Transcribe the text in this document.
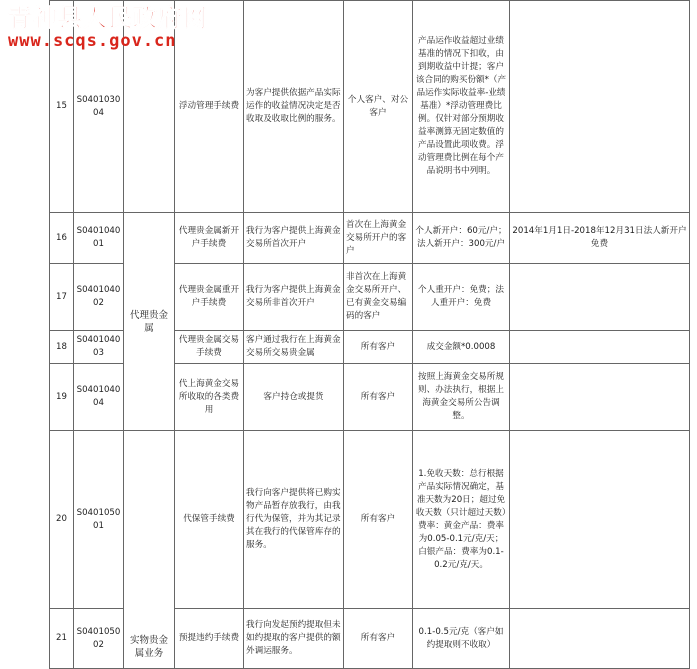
青神县人民政府网
www.scqs.gov.cn
15	S040103004		浮动管理手续费	为客户提供依据产品实际运作的收益情况决定是否收取及收取比例的服务。	个人客户、对公客户	产品运作收益超过业绩基准的情况下扣收，由到期收益中计提；客户该合同的购买份额*（产品运作实际收益率-业绩基准）*浮动管理费比例。仅针对部分预期收益率测算无固定数值的产品设置此项收费。浮动管理费比例在每个产品说明书中列明。	
16	S040104001	代理贵金属	代理贵金属新开户手续费	我行为客户提供上海黄金交易所首次开户	首次在上海黄金交易所开户的客户	个人新开户：60元/户；法人新开户：300元/户	2014年1月1日-2018年12月31日法人新开户免费
17	S040104002		代理贵金属重开户手续费	我行为客户提供上海黄金交易所非首次开户	非首次在上海黄金交易所开户、已有黄金交易编码的客户	个人重开户：免费；法人重开户：免费	
18	S040104003		代理贵金属交易手续费	客户通过我行在上海黄金交易所交易贵金属	所有客户	成交金额*0.0008	
19	S040104004		代上海黄金交易所收取的各类费用	客户持仓或提货	所有客户	按照上海黄金交易所规则、办法执行，根据上海黄金交易所公告调整。	
20	S040105001	实物贵金属业务	代保管手续费	我行向客户提供将已购实物产品暂存放我行，由我行代为保管，并为其记录其在我行的代保管库存的服务。	所有客户	1.免收天数：总行根据产品实际情况确定，基准天数为20日；超过免收天数（只计超过天数）费率：黄金产品：费率为0.05-0.1元/克/天；白银产品：费率为0.1-0.2元/克/天。	
21	S040105002		预提违约手续费	我行向发起预约提取但未如约提取的客户提供的额外调运服务。	所有客户	0.1-0.5元/克（客户如约提取则不收取）	
